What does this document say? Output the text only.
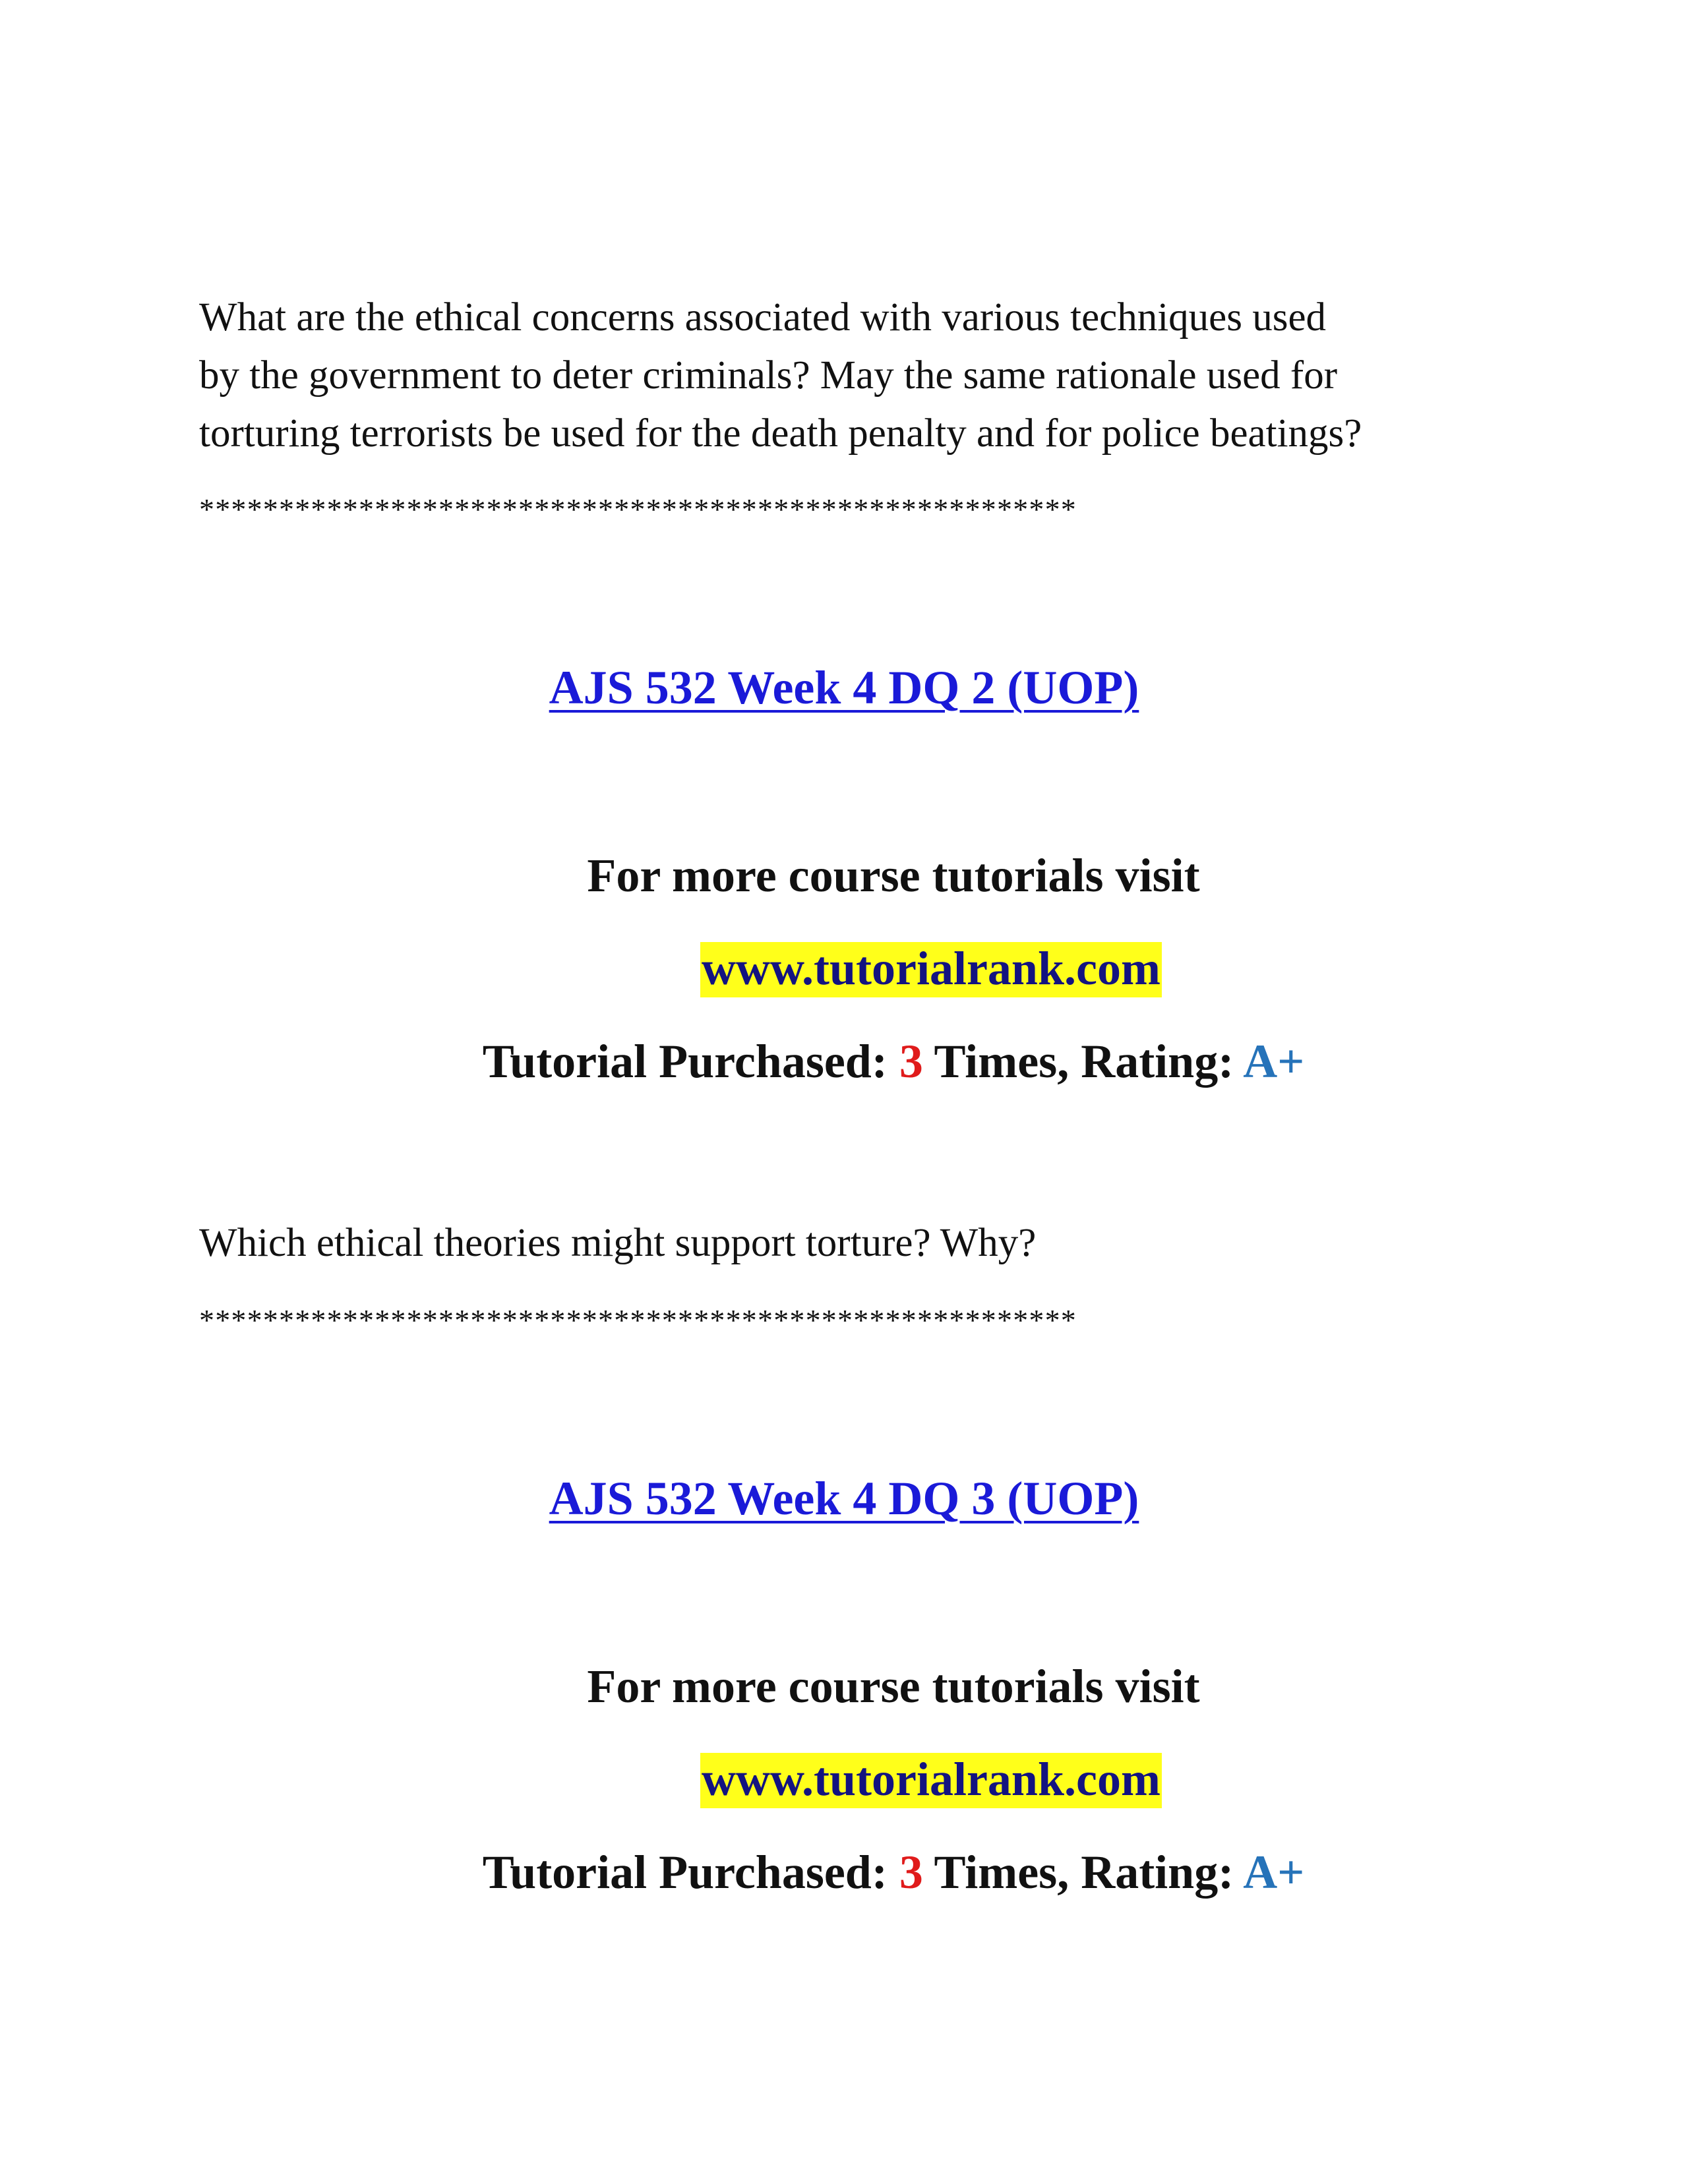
What are the ethical concerns associated with various techniques used
by the government to deter criminals? May the same rationale used for
torturing terrorists be used for the death penalty and for police beatings?

*******************************************************

AJS 532 Week 4 DQ 2 (UOP)

For more course tutorials visit

www.tutorialrank.com

Tutorial Purchased: 3 Times, Rating: A+

Which ethical theories might support torture? Why?

*******************************************************

AJS 532 Week 4 DQ 3 (UOP)

For more course tutorials visit

www.tutorialrank.com

Tutorial Purchased: 3 Times, Rating: A+
